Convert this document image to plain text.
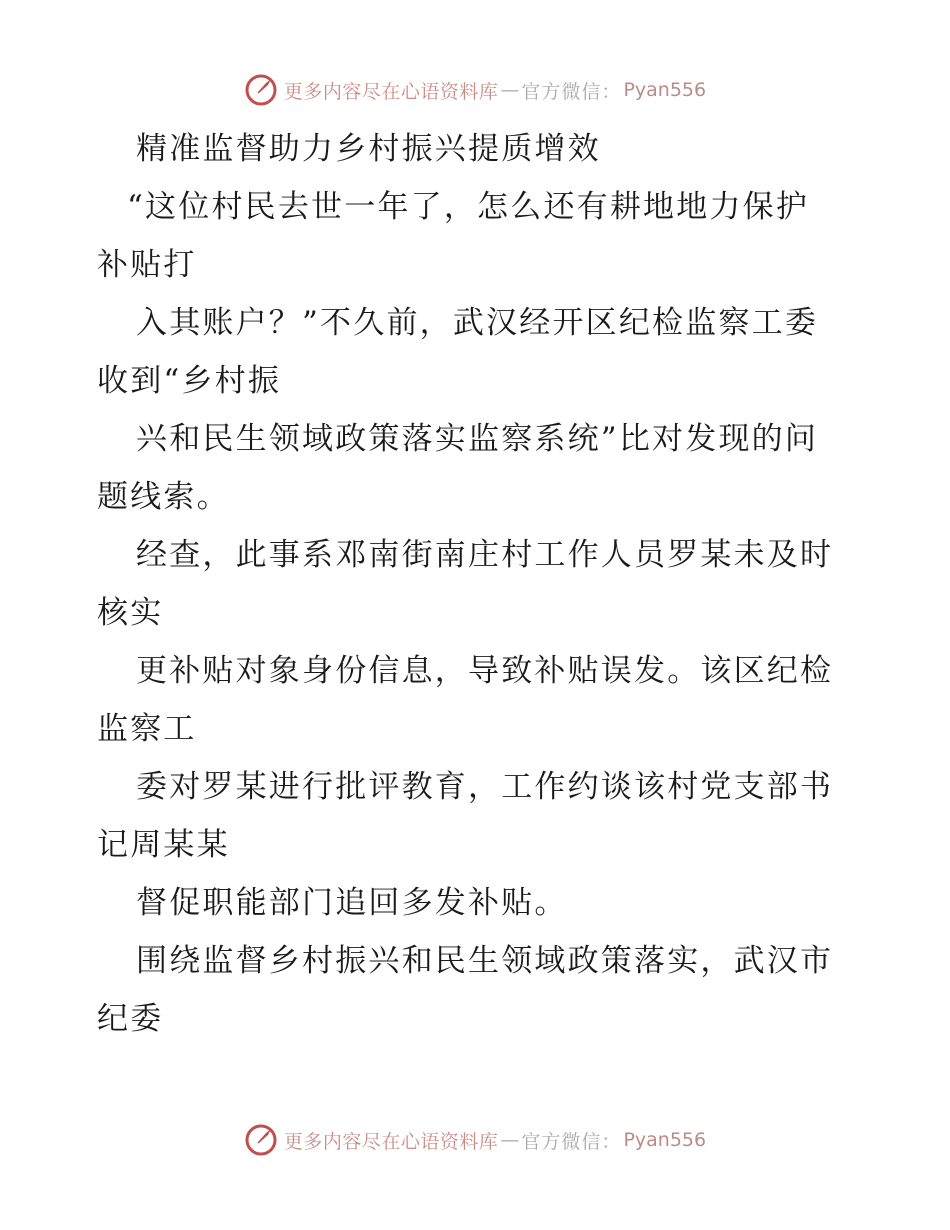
更多内容尽在心语资料库 — 官方微信： Pyan556
精准监督助力乡村振兴提质增效
“这位村民去世一年了，怎么还有耕地地力保护
补贴打
入其账户？”不久前，武汉经开区纪检监察工委
收到“乡村振
兴和民生领域政策落实监察系统”比对发现的问
题线索。
经查，此事系邓南街南庄村工作人员罗某未及时
核实
更补贴对象身份信息，导致补贴误发。该区纪检
监察工
委对罗某进行批评教育，工作约谈该村党支部书
记周某某
督促职能部门追回多发补贴。
围绕监督乡村振兴和民生领域政策落实，武汉市
纪委
更多内容尽在心语资料库 — 官方微信： Pyan556
